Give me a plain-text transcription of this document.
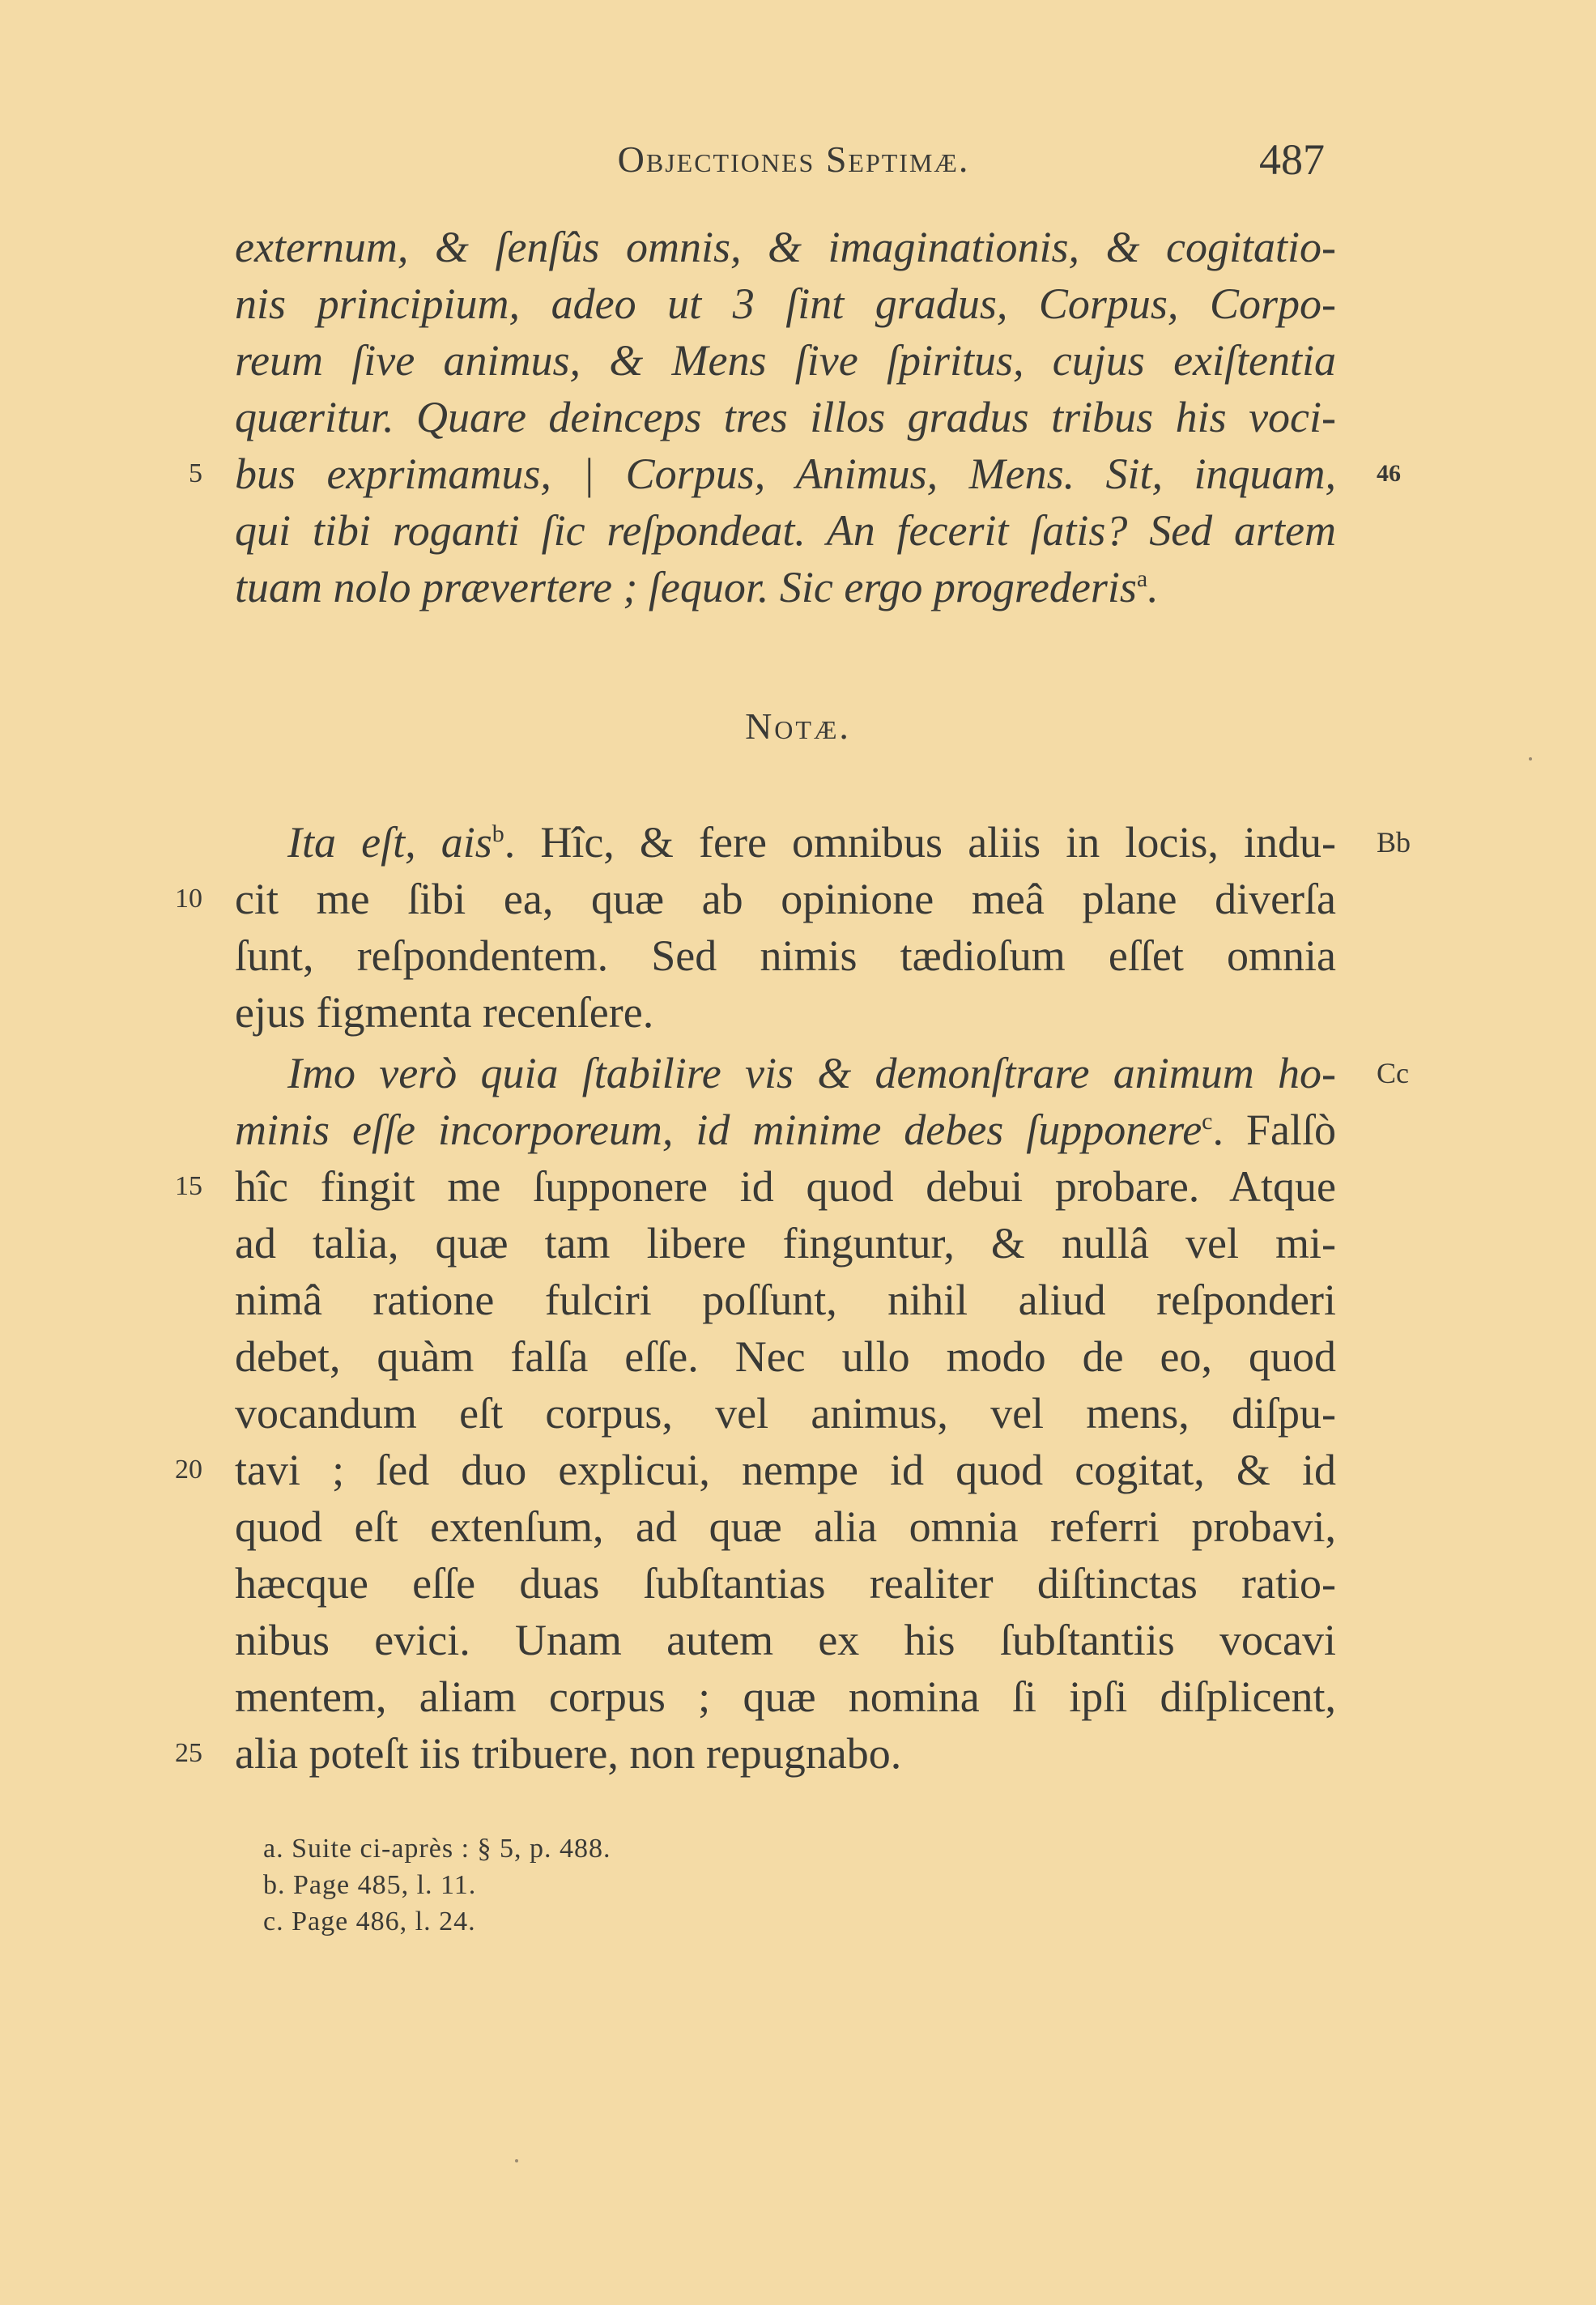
Objectiones Septimæ.	487
externum, & ſenſûs omnis, & imaginationis, & cogitatio-
nis principium, adeo ut 3 ſint gradus, Corpus, Corpo-
reum ſive animus, & Mens ſive ſpiritus, cujus exiſtentia
quæritur. Quare deinceps tres illos gradus tribus his voci-
bus exprimamus, | Corpus, Animus, Mens. Sit, inquam,
qui tibi roganti ſic reſpondeat. An fecerit ſatis? Sed artem
tuam nolo prævertere ; ſequor. Sic ergo progrederis$^a$.
5	46
Notæ.
Ita eſt, ais$^b$. Hîc, & fere omnibus aliis in locis, indu-
cit me ſibi ea, quæ ab opinione meâ plane diverſa
ſunt, reſpondentem. Sed nimis tædioſum eſſet omnia
ejus figmenta recenſere.
Imo verò quia ſtabilire vis & demonſtrare animum ho-
minis eſſe incorporeum, id minime debes ſupponere$^c$. Falſò
hîc fingit me ſupponere id quod debui probare. Atque
ad talia, quæ tam libere finguntur, & nullâ vel mi-
nimâ ratione fulciri poſſunt, nihil aliud reſponderi
debet, quàm falſa eſſe. Nec ullo modo de eo, quod
vocandum eſt corpus, vel animus, vel mens, diſpu-
tavi ; ſed duo explicui, nempe id quod cogitat, & id
quod eſt extenſum, ad quæ alia omnia referri probavi,
hæcque eſſe duas ſubſtantias realiter diſtinctas ratio-
nibus evici. Unam autem ex his ſubſtantiis vocavi
mentem, aliam corpus ; quæ nomina ſi ipſi diſplicent,
alia poteſt iis tribuere, non repugnabo.
10
15
20
25
Bb
Cc
a. Suite ci-après : § 5, p. 488.
b. Page 485, l. 11.
c. Page 486, l. 24.
